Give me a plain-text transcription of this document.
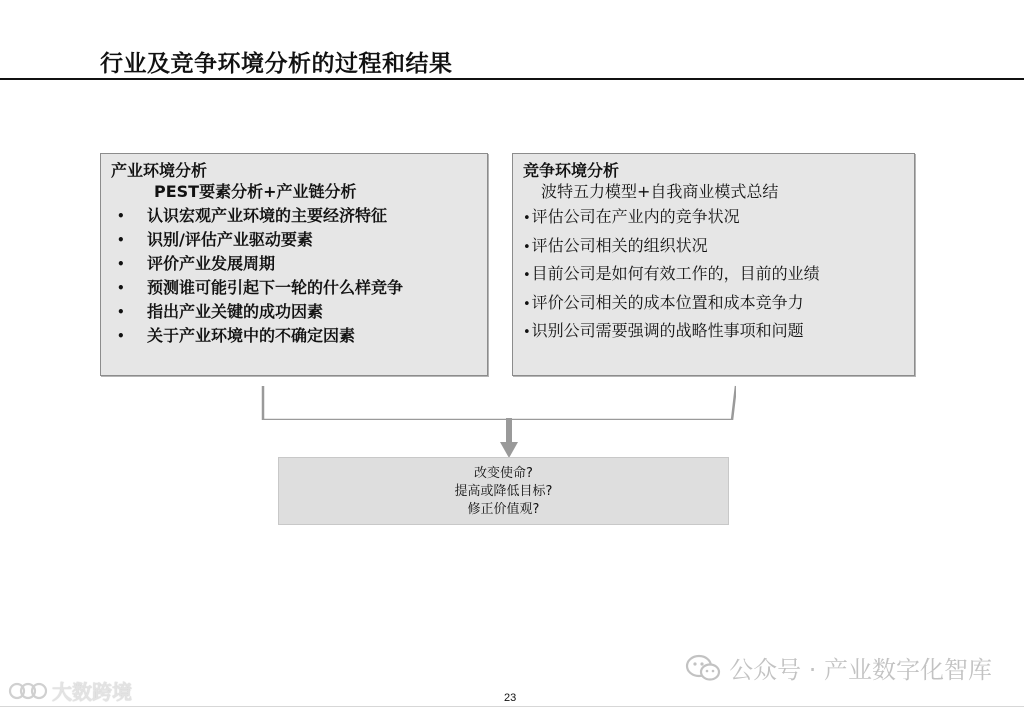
行业及竞争环境分析的过程和结果
产业环境分析
PEST要素分析+产业链分析
• 认识宏观产业环境的主要经济特征
• 识别/评估产业驱动要素
• 评价产业发展周期
• 预测谁可能引起下一轮的什么样竞争
• 指出产业关键的成功因素
• 关于产业环境中的不确定因素
竞争环境分析
波特五力模型+自我商业模式总结
•评估公司在产业内的竞争状况
•评估公司相关的组织状况
•目前公司是如何有效工作的，目前的业绩
•评价公司相关的成本位置和成本竞争力
•识别公司需要强调的战略性事项和问题
改变使命?
提高或降低目标?
修正价值观?
公众号 · 产业数字化智库
大数跨境	23
